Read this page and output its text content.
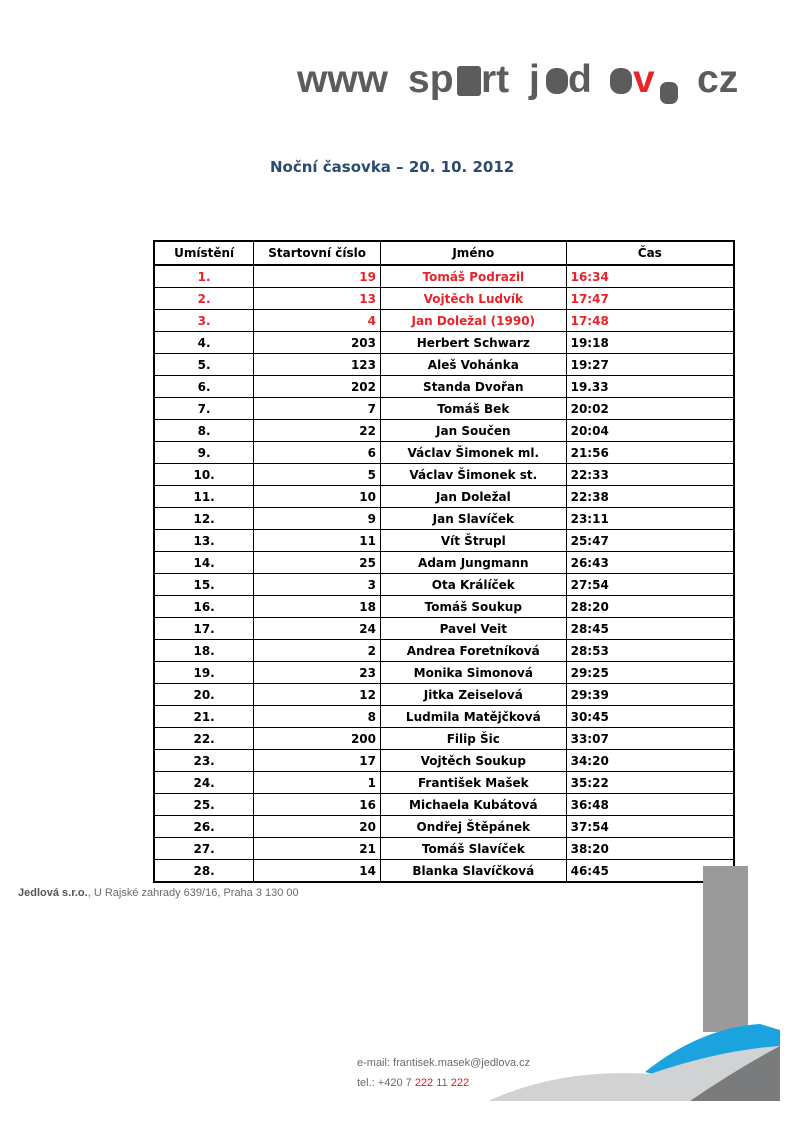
www sp rt j d v cz
Noční časovka – 20. 10. 2012
Umístění	Startovní číslo	Jméno	Čas
1.	19	Tomáš Podrazil	16:34
2.	13	Vojtěch Ludvík	17:47
3.	4	Jan Doležal (1990)	17:48
4.	203	Herbert Schwarz	19:18
5.	123	Aleš Vohánka	19:27
6.	202	Standa Dvořan	19.33
7.	7	Tomáš Bek	20:02
8.	22	Jan Součen	20:04
9.	6	Václav Šimonek ml.	21:56
10.	5	Václav Šimonek st.	22:33
11.	10	Jan Doležal	22:38
12.	9	Jan Slavíček	23:11
13.	11	Vít Štrupl	25:47
14.	25	Adam Jungmann	26:43
15.	3	Ota Králíček	27:54
16.	18	Tomáš Soukup	28:20
17.	24	Pavel Veit	28:45
18.	2	Andrea Foretníková	28:53
19.	23	Monika Simonová	29:25
20.	12	Jitka Zeiselová	29:39
21.	8	Ludmila Matějčková	30:45
22.	200	Filip Šic	33:07
23.	17	Vojtěch Soukup	34:20
24.	1	František Mašek	35:22
25.	16	Michaela Kubátová	36:48
26.	20	Ondřej Štěpánek	37:54
27.	21	Tomáš Slavíček	38:20
28.	14	Blanka Slavíčková	46:45
Jedlová s.r.o., U Rajské zahrady 639/16, Praha 3 130 00
e-mail: frantisek.masek@jedlova.cz
tel.: +420 7 222 11 222
